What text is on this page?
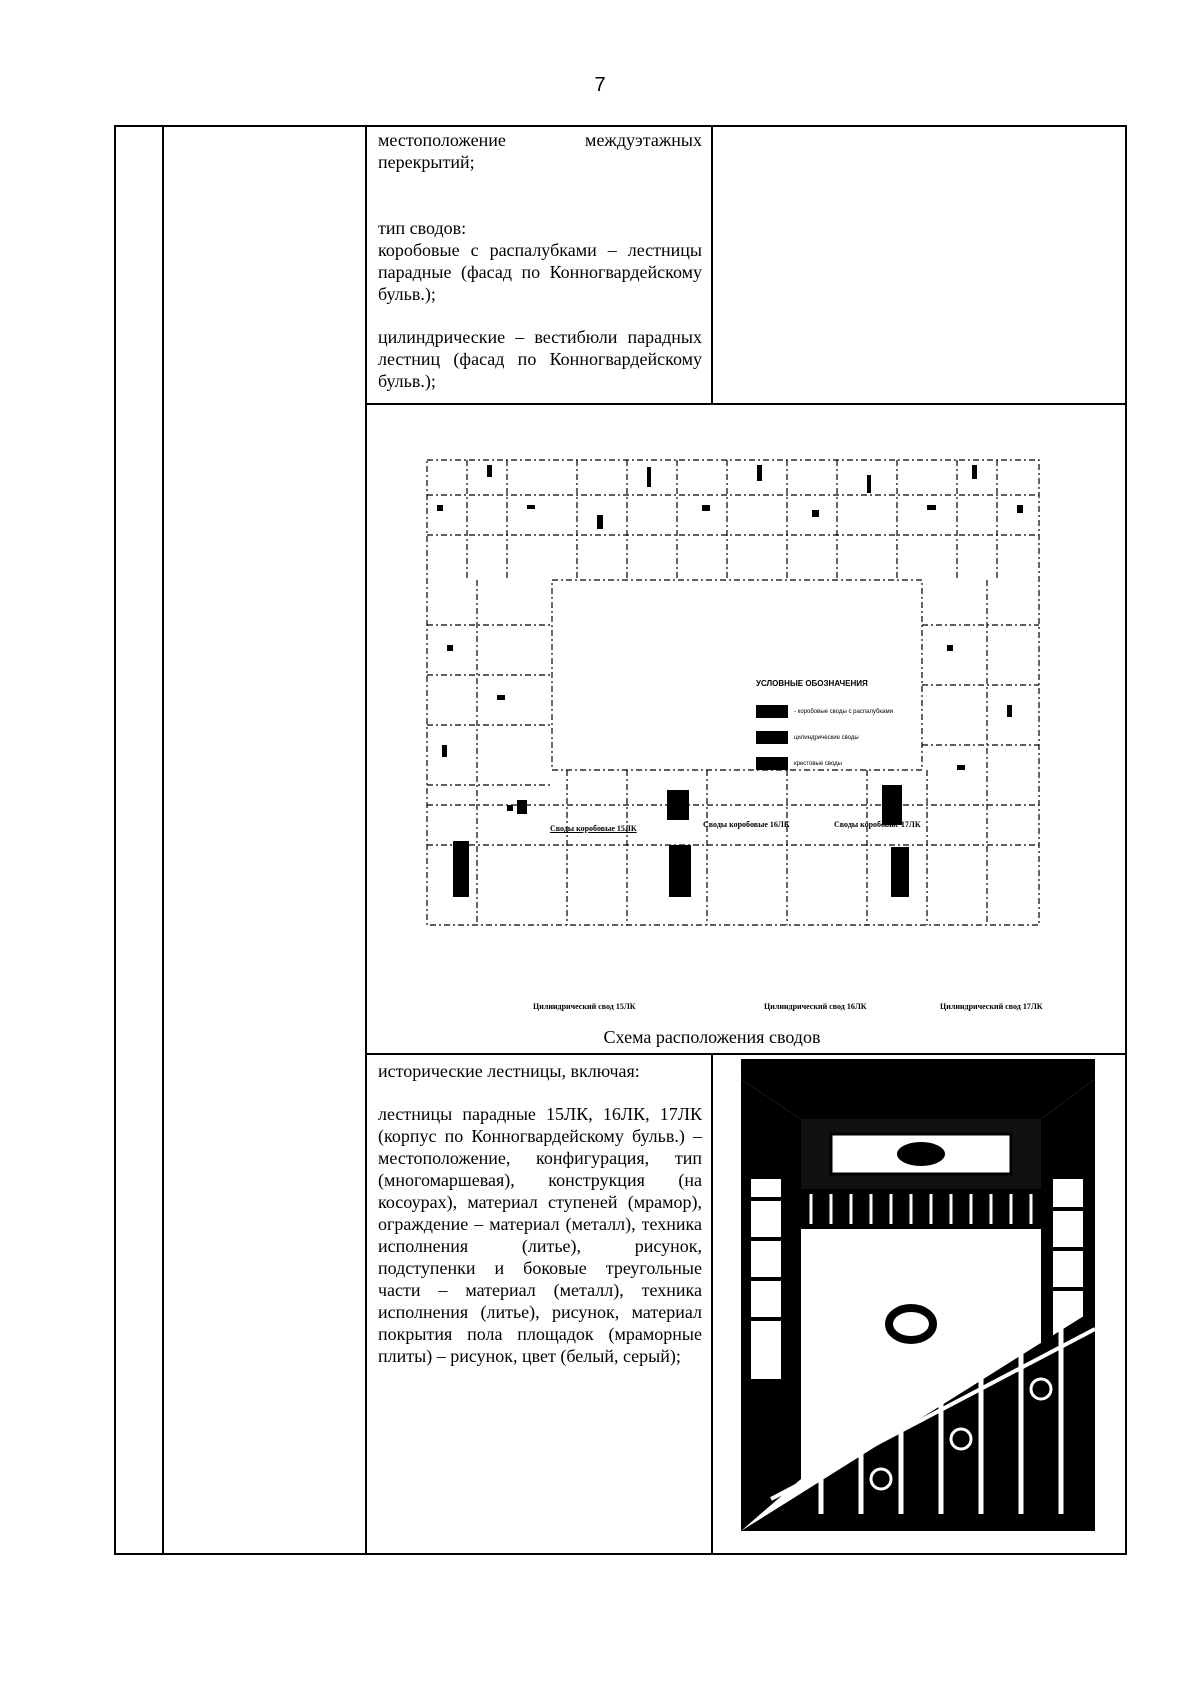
7

местоположение междуэтажных перекрытий;

тип сводов:

коробовые с распалубками – лестницы парадные (фасад по Конногвардейскому бульв.);

цилиндрические – вестибюли парадных лестниц (фасад по Конногвардейскому бульв.);

УСЛОВНЫЕ ОБОЗНАЧЕНИЯ
- коробовые своды с распалубками
цилиндрические своды
крестовые своды
Своды коробовые 15ЛК	Своды коробовые 16ЛК	Своды коробовые 17ЛК
Цилиндрический свод 15ЛК	Цилиндрический свод 16ЛК	Цилиндрический свод 17ЛК
Схема расположения сводов

исторические лестницы, включая:

лестницы парадные 15ЛК, 16ЛК, 17ЛК (корпус по Конногвардейскому бульв.) – местоположение, конфигурация, тип (многомаршевая), конструкция (на косоурах), материал ступеней (мрамор), ограждение – материал (металл), техника исполнения (литье), рисунок, подступенки и боковые треугольные части – материал (металл), техника исполнения (литье), рисунок, материал покрытия пола площадок (мраморные плиты) – рисунок, цвет (белый, серый);
